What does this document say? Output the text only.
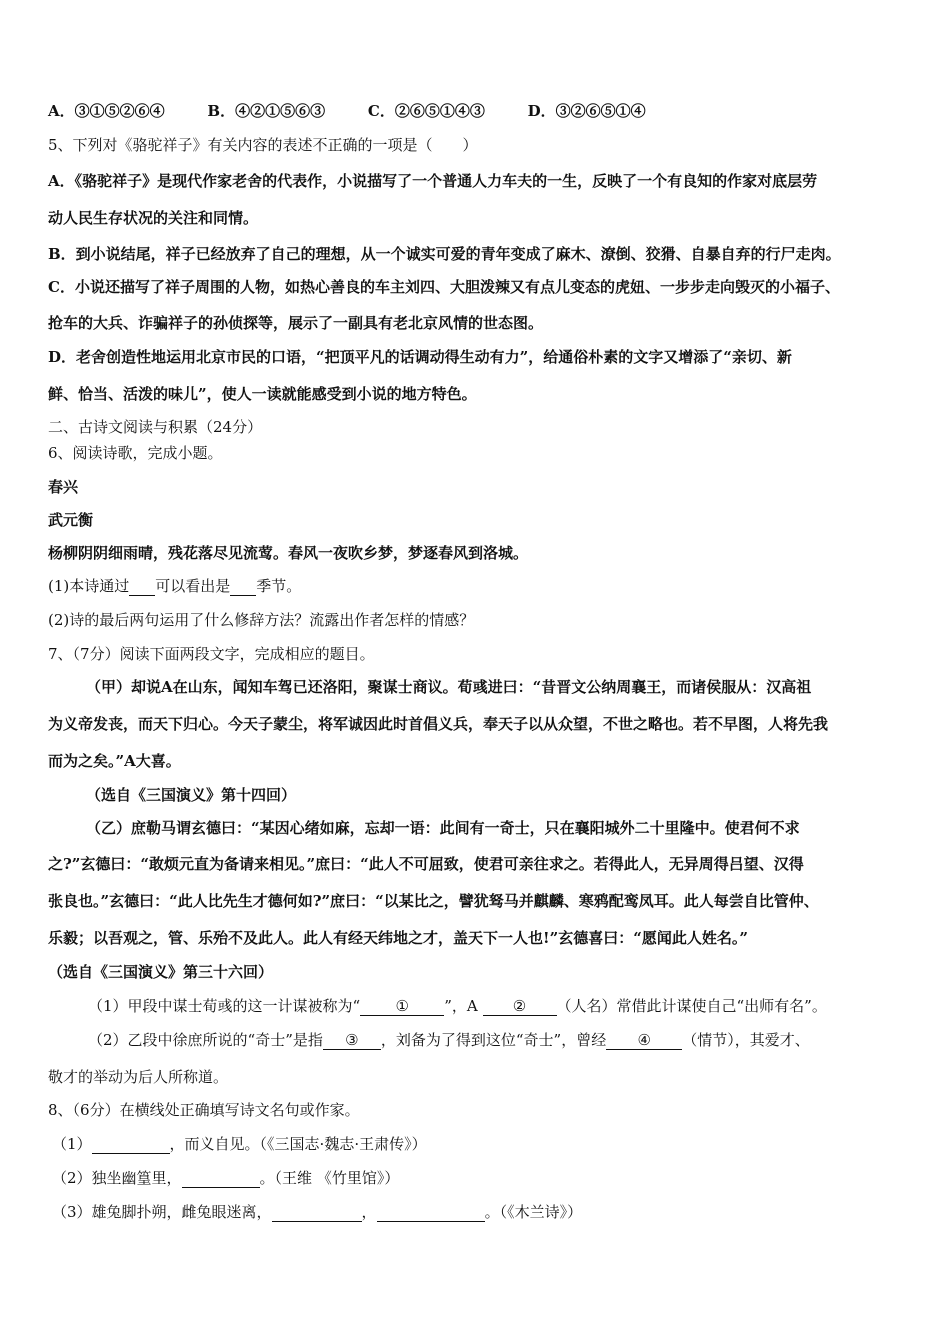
A．③①⑤②⑥④	B．④②①⑤⑥③	C．②⑥⑤①④③	D．③②⑥⑤①④
5、下列对《骆驼祥子》有关内容的表述不正确的一项是（　　）
A．《骆驼祥子》是现代作家老舍的代表作，小说描写了一个普通人力车夫的一生，反映了一个有良知的作家对底层劳
动人民生存状况的关注和同情。
B．到小说结尾，祥子已经放弃了自己的理想，从一个诚实可爱的青年变成了麻木、潦倒、狡猾、自暴自弃的行尸走肉。
C．小说还描写了祥子周围的人物，如热心善良的车主刘四、大胆泼辣又有点儿变态的虎妞、一步步走向毁灭的小福子、
抢车的大兵、诈骗祥子的孙侦探等，展示了一副具有老北京风情的世态图。
D．老舍创造性地运用北京市民的口语，“把顶平凡的话调动得生动有力”，给通俗朴素的文字又增添了“亲切、新
鲜、恰当、活泼的味儿”，使人一读就能感受到小说的地方特色。
二、古诗文阅读与积累（24分）
6、阅读诗歌，完成小题。
春兴
武元衡
杨柳阴阴细雨晴，残花落尽见流莺。春风一夜吹乡梦，梦逐春风到洛城。
(1)本诗通过 可以看出是 季节。
(2)诗的最后两句运用了什么修辞方法？流露出作者怎样的情感？
7、（7分）阅读下面两段文字，完成相应的题目。
（甲）却说A在山东，闻知车驾已还洛阳，聚谋士商议。荀彧进曰：“昔晋文公纳周襄王，而诸侯服从：汉高祖
为义帝发丧，而天下归心。今天子蒙尘，将军诚因此时首倡义兵，奉天子以从众望，不世之略也。若不早图，人将先我
而为之矣。”A大喜。
（选自《三国演义》第十四回）
（乙）庶勒马谓玄德曰：“某因心绪如麻，忘却一语：此间有一奇士，只在襄阳城外二十里隆中。使君何不求
之?”玄德曰：“敢烦元直为备请来相见。”庶曰：“此人不可屈致，使君可亲往求之。若得此人，无异周得吕望、汉得
张良也。”玄德曰：“此人比先生才德何如?”庶曰：“以某比之，譬犹驽马并麒麟、寒鸦配鸾凤耳。此人每尝自比管仲、
乐毅；以吾观之，管、乐殆不及此人。此人有经天纬地之才，盖天下一人也!”玄德喜曰：“愿闻此人姓名。”
（选自《三国演义》第三十六回）
（1）甲段中谋士荀彧的这一计谋被称为“ ① ”，A ② （人名）常借此计谋使自己“出师有名”。
（2）乙段中徐庶所说的“奇士”是指 ③ ，刘备为了得到这位“奇士”，曾经 ④ （情节），其爱才、
敬才的举动为后人所称道。
8、（6分）在横线处正确填写诗文名句或作家。
（1）	，而义自见。（《三国志·魏志·王肃传》）
（2）独坐幽篁里，	。（王维 《竹里馆》）
（3）雄兔脚扑朔，雌兔眼迷离，	，	。（《木兰诗》）
